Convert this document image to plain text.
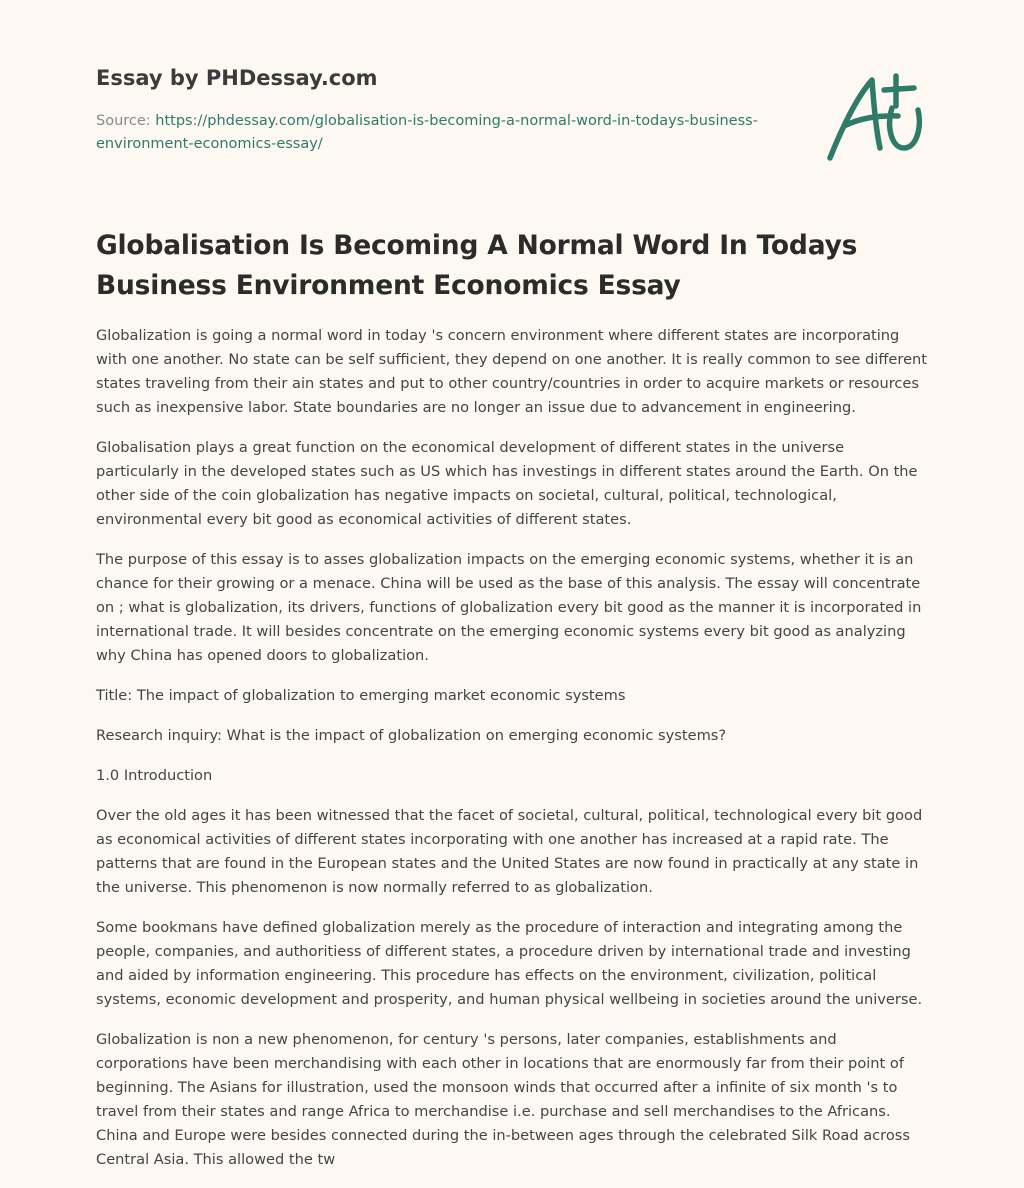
Essay by PHDessay.com
Source: https://phdessay.com/globalisation-is-becoming-a-normal-word-in-todays-business-environment-economics-essay/
Globalisation Is Becoming A Normal Word In Todays Business Environment Economics Essay

Globalization is going a normal word in today 's concern environment where different states are incorporating with one another. No state can be self sufficient, they depend on one another. It is really common to see different states traveling from their ain states and put to other country/countries in order to acquire markets or resources such as inexpensive labor. State boundaries are no longer an issue due to advancement in engineering.

Globalisation plays a great function on the economical development of different states in the universe particularly in the developed states such as US which has investings in different states around the Earth. On the other side of the coin globalization has negative impacts on societal, cultural, political, technological, environmental every bit good as economical activities of different states.

The purpose of this essay is to asses globalization impacts on the emerging economic systems, whether it is an chance for their growing or a menace. China will be used as the base of this analysis. The essay will concentrate on ; what is globalization, its drivers, functions of globalization every bit good as the manner it is incorporated in international trade. It will besides concentrate on the emerging economic systems every bit good as analyzing why China has opened doors to globalization.

Title: The impact of globalization to emerging market economic systems

Research inquiry: What is the impact of globalization on emerging economic systems?

1.0 Introduction

Over the old ages it has been witnessed that the facet of societal, cultural, political, technological every bit good as economical activities of different states incorporating with one another has increased at a rapid rate. The patterns that are found in the European states and the United States are now found in practically at any state in the universe. This phenomenon is now normally referred to as globalization.

Some bookmans have defined globalization merely as the procedure of interaction and integrating among the people, companies, and authoritiess of different states, a procedure driven by international trade and investing and aided by information engineering. This procedure has effects on the environment, civilization, political systems, economic development and prosperity, and human physical wellbeing in societies around the universe.

Globalization is non a new phenomenon, for century 's persons, later companies, establishments and corporations have been merchandising with each other in locations that are enormously far from their point of beginning. The Asians for illustration, used the monsoon winds that occurred after a infinite of six month 's to travel from their states and range Africa to merchandise i.e. purchase and sell merchandises to the Africans. China and Europe were besides connected during the in-between ages through the celebrated Silk Road across Central Asia. This allowed the tw
